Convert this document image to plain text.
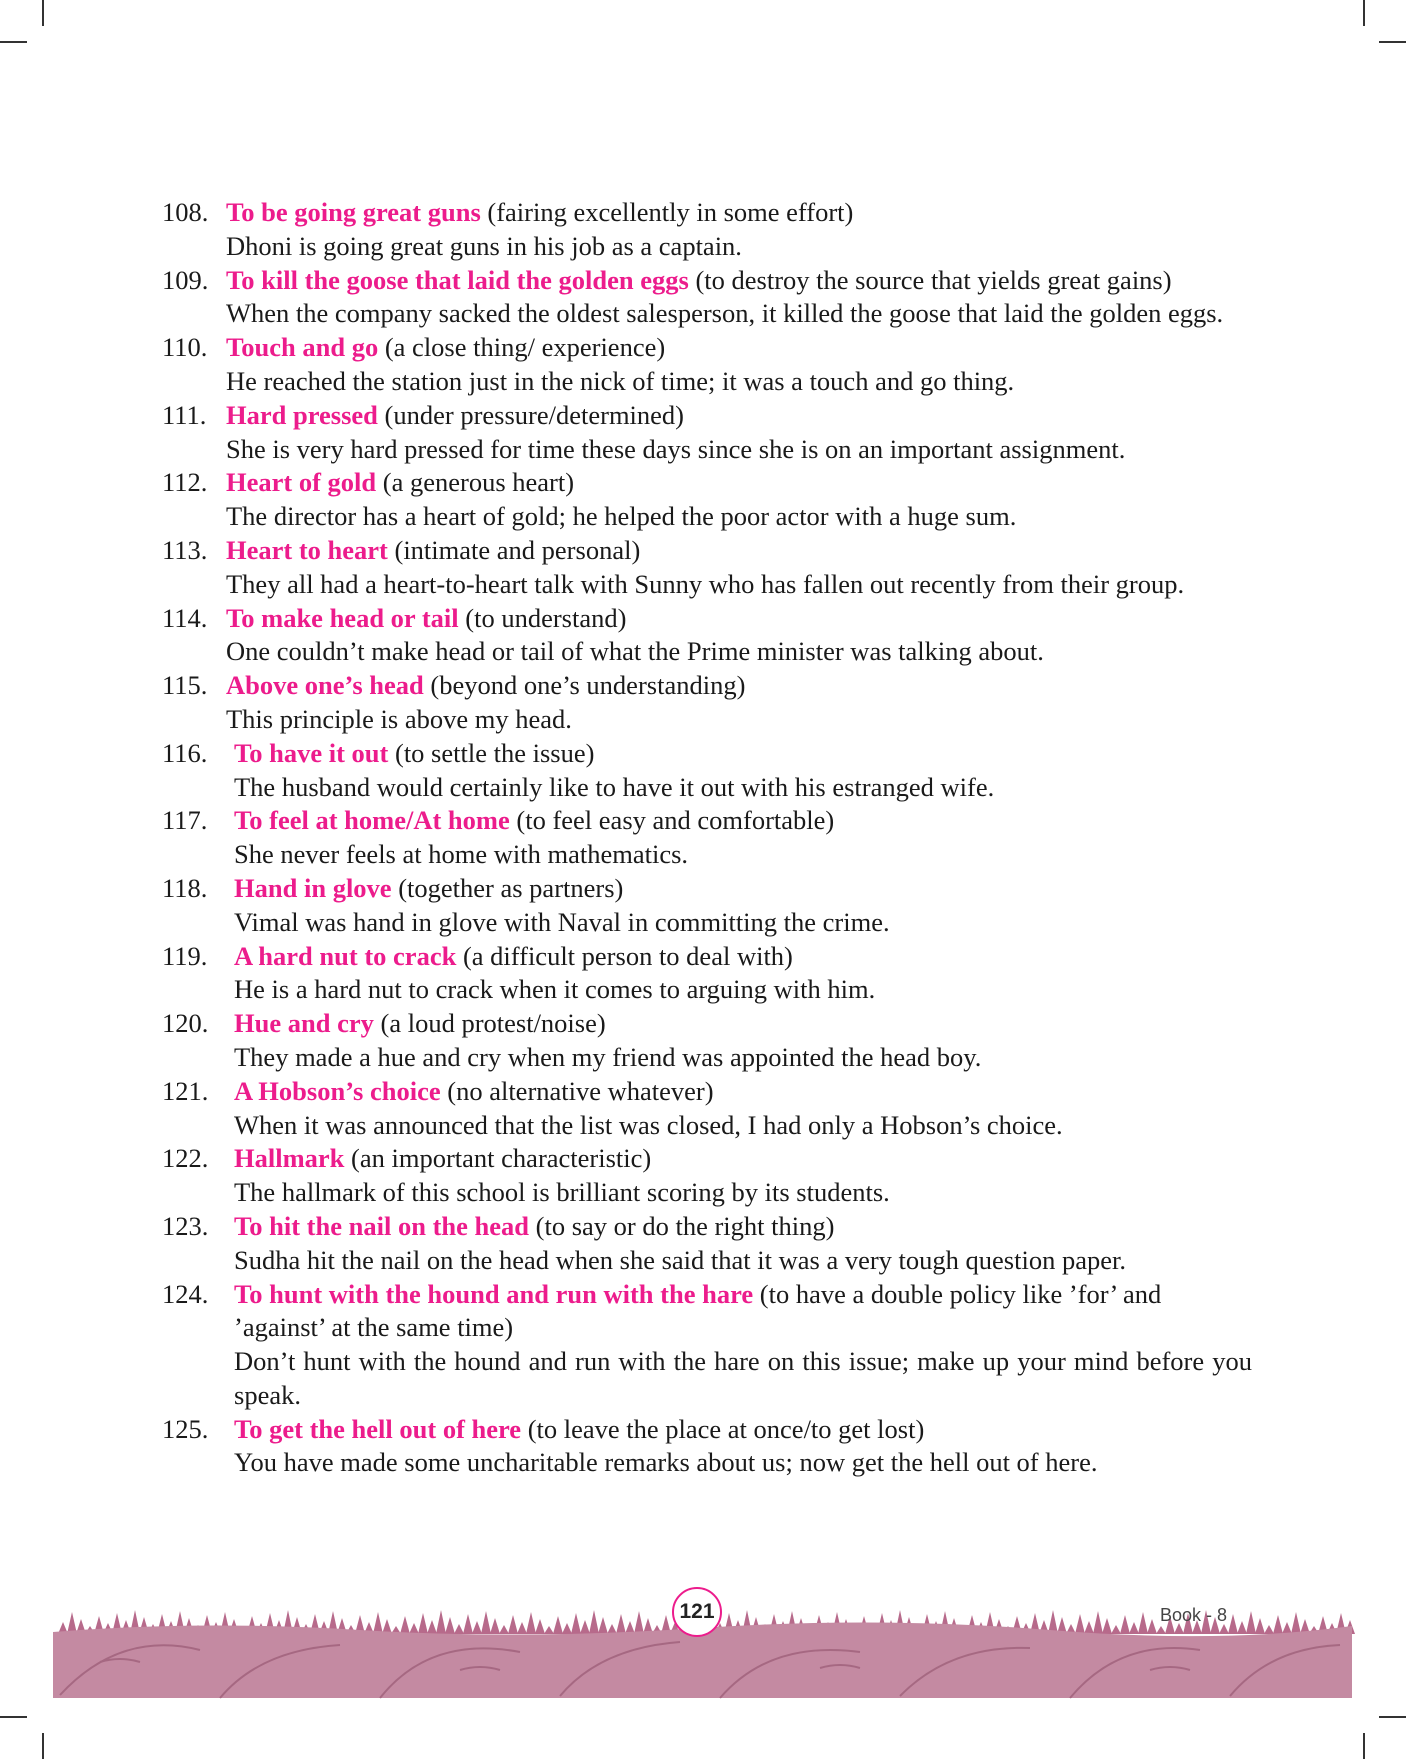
108. To be going great guns (fairing excellently in some effort)
Dhoni is going great guns in his job as a captain.
109. To kill the goose that laid the golden eggs (to destroy the source that yields great gains)
When the company sacked the oldest salesperson, it killed the goose that laid the golden eggs.
110. Touch and go (a close thing/ experience)
He reached the station just in the nick of time; it was a touch and go thing.
111. Hard pressed (under pressure/determined)
She is very hard pressed for time these days since she is on an important assignment.
112. Heart of gold (a generous heart)
The director has a heart of gold; he helped the poor actor with a huge sum.
113. Heart to heart (intimate and personal)
They all had a heart-to-heart talk with Sunny who has fallen out recently from their group.
114. To make head or tail (to understand)
One couldn’t make head or tail of what the Prime minister was talking about.
115. Above one’s head (beyond one’s understanding)
This principle is above my head.
116. To have it out (to settle the issue)
The husband would certainly like to have it out with his estranged wife.
117. To feel at home/At home (to feel easy and comfortable)
She never feels at home with mathematics.
118. Hand in glove (together as partners)
Vimal was hand in glove with Naval in committing the crime.
119. A hard nut to crack (a difficult person to deal with)
He is a hard nut to crack when it comes to arguing with him.
120. Hue and cry (a loud protest/noise)
They made a hue and cry when my friend was appointed the head boy.
121. A Hobson’s choice (no alternative whatever)
When it was announced that the list was closed, I had only a Hobson’s choice.
122. Hallmark (an important characteristic)
The hallmark of this school is brilliant scoring by its students.
123. To hit the nail on the head (to say or do the right thing)
Sudha hit the nail on the head when she said that it was a very tough question paper.
124. To hunt with the hound and run with the hare (to have a double policy like ’for’ and ’against’ at the same time)
Don’t hunt with the hound and run with the hare on this issue; make up your mind before you speak.
125. To get the hell out of here (to leave the place at once/to get lost)
You have made some uncharitable remarks about us; now get the hell out of here.
121	Book - 8
